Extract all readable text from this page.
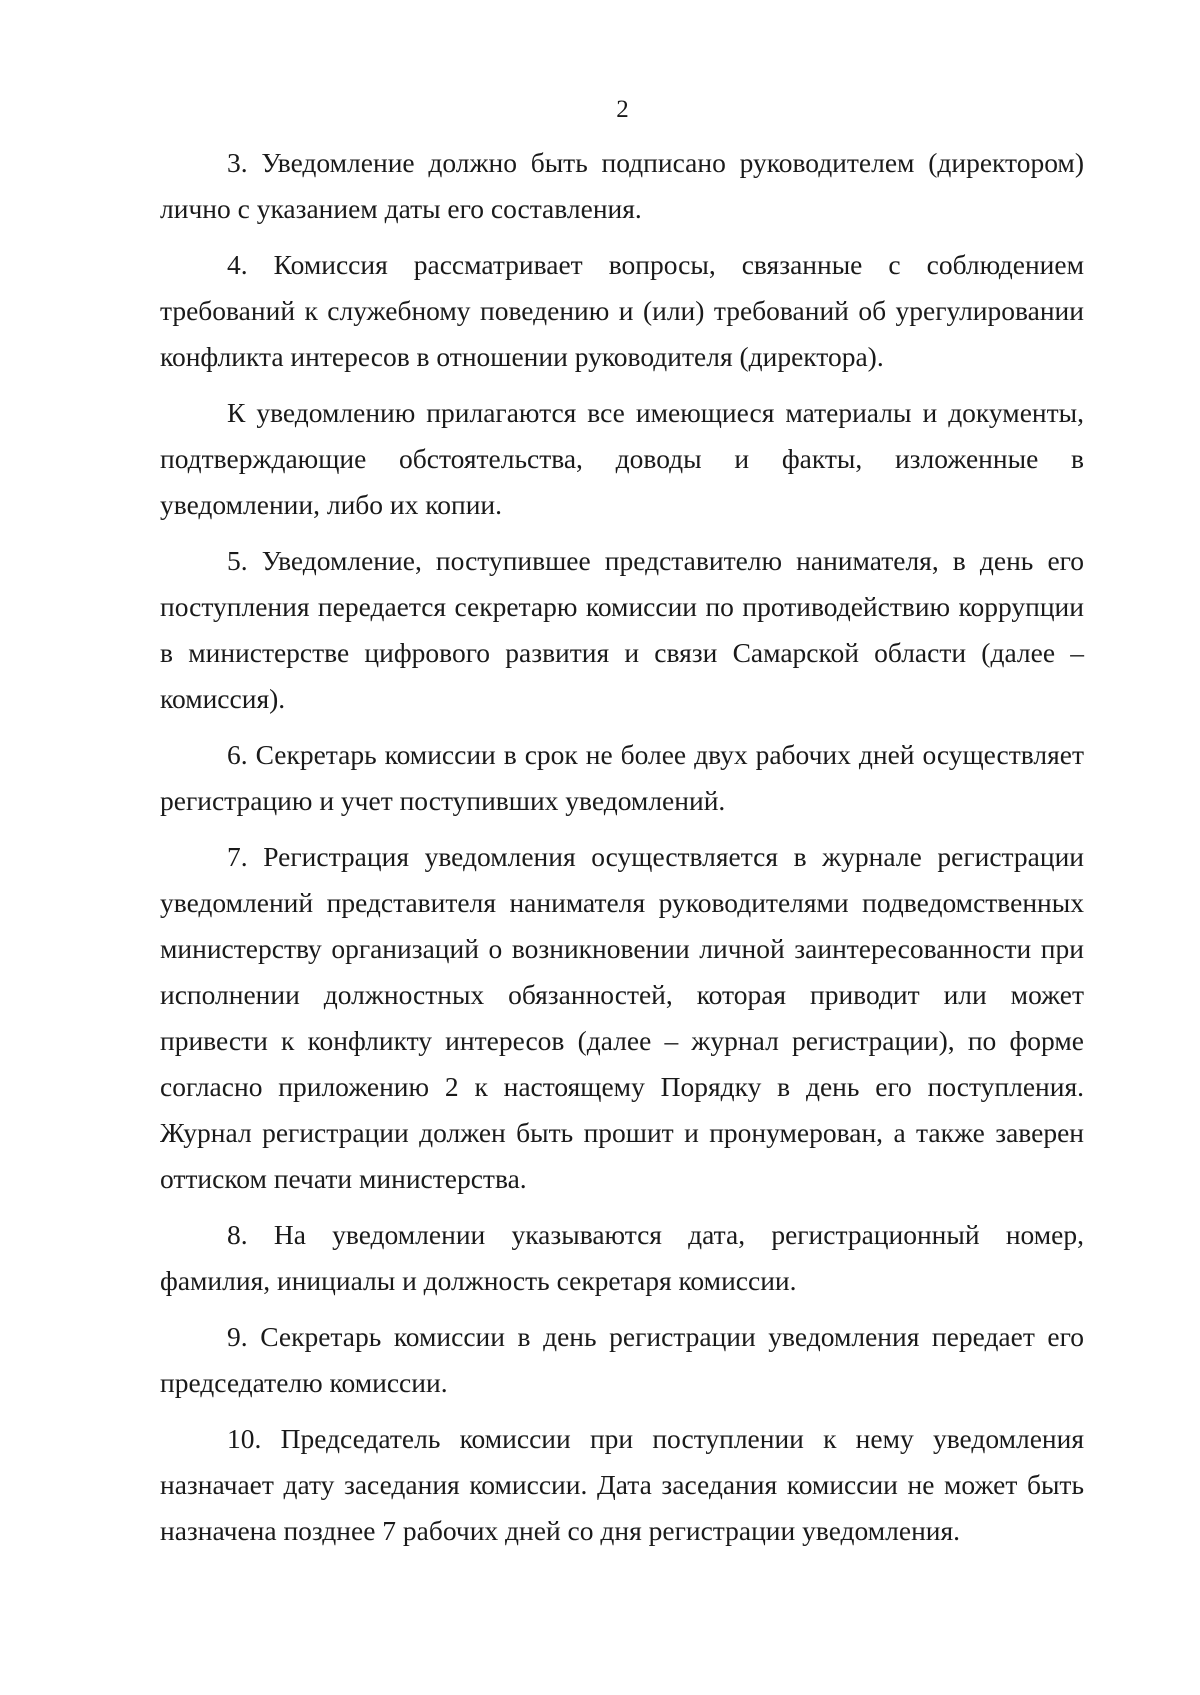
2

3. Уведомление должно быть подписано руководителем (директором) лично с указанием даты его составления.

4. Комиссия рассматривает вопросы, связанные с соблюдением требований к служебному поведению и (или) требований об урегулировании конфликта интересов в отношении руководителя (директора).

К уведомлению прилагаются все имеющиеся материалы и документы, подтверждающие обстоятельства, доводы и факты, изложенные в уведомлении, либо их копии.

5. Уведомление, поступившее представителю нанимателя, в день его поступления передается секретарю комиссии по противодействию коррупции в министерстве цифрового развития и связи Самарской области (далее – комиссия).

6. Секретарь комиссии в срок не более двух рабочих дней осуществляет регистрацию и учет поступивших уведомлений.

7. Регистрация уведомления осуществляется в журнале регистрации уведомлений представителя нанимателя руководителями подведомственных министерству организаций о возникновении личной заинтересованности при исполнении должностных обязанностей, которая приводит или может привести к конфликту интересов (далее – журнал регистрации), по форме согласно приложению 2 к настоящему Порядку в день его поступления. Журнал регистрации должен быть прошит и пронумерован, а также заверен оттиском печати министерства.

8. На уведомлении указываются дата, регистрационный номер, фамилия, инициалы и должность секретаря комиссии.

9. Секретарь комиссии в день регистрации уведомления передает его председателю комиссии.

10. Председатель комиссии при поступлении к нему уведомления назначает дату заседания комиссии. Дата заседания комиссии не может быть назначена позднее 7 рабочих дней со дня регистрации уведомления.
